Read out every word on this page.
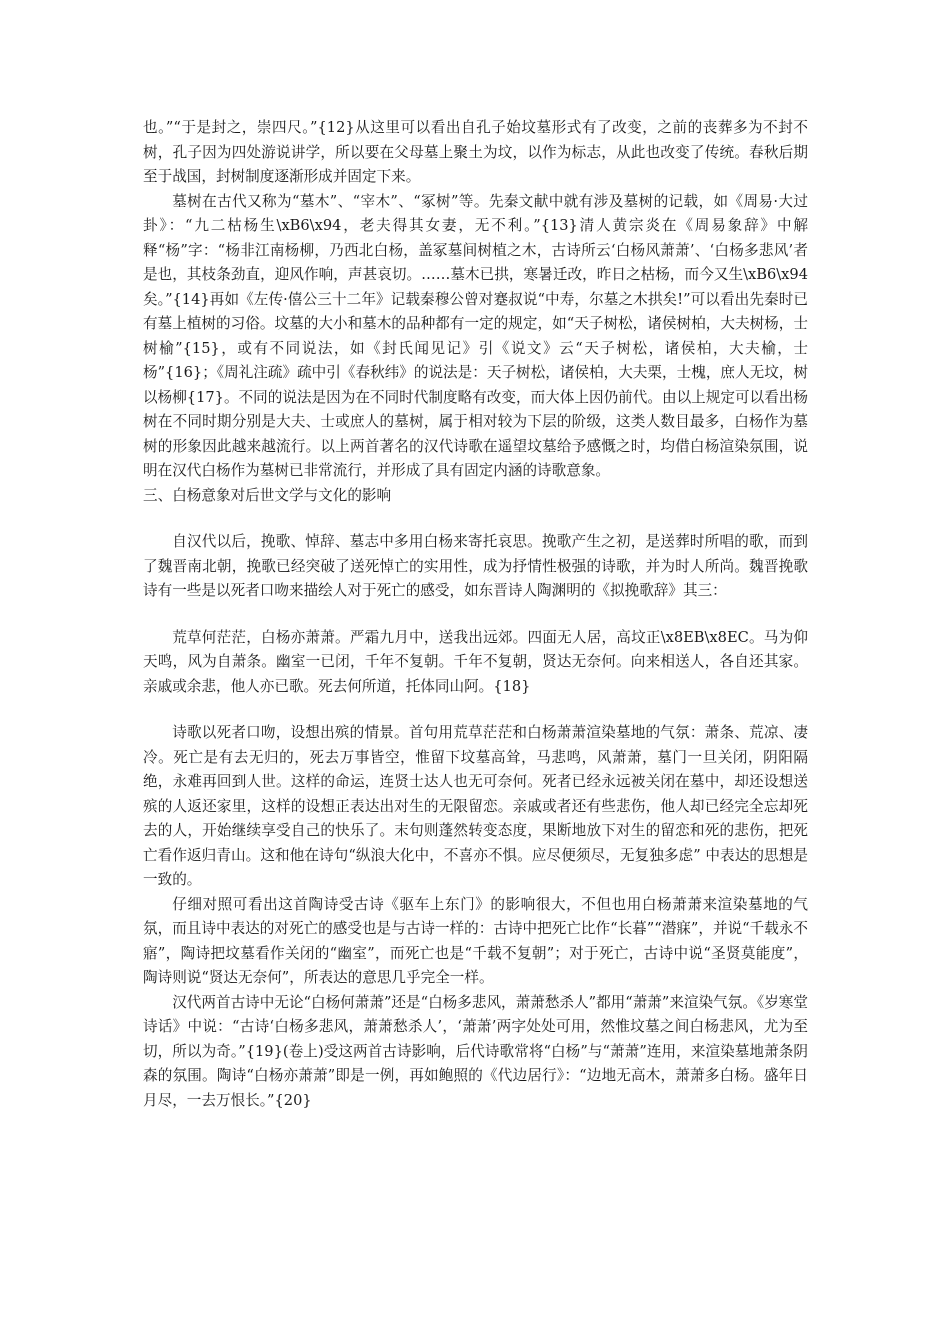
也。”“于是封之，崇四尺。”{12}从这里可以看出自孔子始坟墓形式有了改变，之前的丧葬多为不封不树，孔子因为四处游说讲学，所以要在父母墓上聚土为坟，以作为标志，从此也改变了传统。春秋后期至于战国，封树制度逐渐形成并固定下来。

墓树在古代又称为“墓木”、“宰木”、“冢树”等。先秦文献中就有涉及墓树的记载，如《周易·大过卦》：“九二枯杨生\xB6\x94，老夫得其女妻，无不利。”{13}清人黄宗炎在《周易象辞》中解释“杨”字：“杨非江南杨柳，乃西北白杨，盖冢墓间树植之木，古诗所云‘白杨风萧萧’、‘白杨多悲风’者是也，其枝条劲直，迎风作响，声甚哀切。……墓木已拱，寒暑迁改，昨日之枯杨，而今又生\xB6\x94矣。”{14}再如《左传·僖公三十二年》记载秦穆公曾对蹇叔说“中寿，尔墓之木拱矣!”可以看出先秦时已有墓上植树的习俗。坟墓的大小和墓木的品种都有一定的规定，如“天子树松，诸侯树柏，大夫树杨，士树榆”{15}，或有不同说法，如《封氏闻见记》引《说文》云“天子树松，诸侯柏，大夫榆，士杨”{16}；《周礼注疏》疏中引《春秋纬》的说法是：天子树松，诸侯柏，大夫栗，士槐，庶人无坟，树以杨柳{17}。不同的说法是因为在不同时代制度略有改变，而大体上因仍前代。由以上规定可以看出杨树在不同时期分别是大夫、士或庶人的墓树，属于相对较为下层的阶级，这类人数目最多，白杨作为墓树的形象因此越来越流行。以上两首著名的汉代诗歌在遥望坟墓给予感慨之时，均借白杨渲染氛围，说明在汉代白杨作为墓树已非常流行，并形成了具有固定内涵的诗歌意象。

三、白杨意象对后世文学与文化的影响

自汉代以后，挽歌、悼辞、墓志中多用白杨来寄托哀思。挽歌产生之初，是送葬时所唱的歌，而到了魏晋南北朝，挽歌已经突破了送死悼亡的实用性，成为抒情性极强的诗歌，并为时人所尚。魏晋挽歌诗有一些是以死者口吻来描绘人对于死亡的感受，如东晋诗人陶渊明的《拟挽歌辞》其三：

荒草何茫茫，白杨亦萧萧。严霜九月中，送我出远郊。四面无人居，高坟正\x8EB\x8EC。马为仰天鸣，风为自萧条。幽室一已闭，千年不复朝。千年不复朝，贤达无奈何。向来相送人，各自还其家。亲戚或余悲，他人亦已歌。死去何所道，托体同山阿。{18}

诗歌以死者口吻，设想出殡的情景。首句用荒草茫茫和白杨萧萧渲染墓地的气氛：萧条、荒凉、凄冷。死亡是有去无归的，死去万事皆空，惟留下坟墓高耸，马悲鸣，风萧萧，墓门一旦关闭，阴阳隔绝，永难再回到人世。这样的命运，连贤士达人也无可奈何。死者已经永远被关闭在墓中，却还设想送殡的人返还家里，这样的设想正表达出对生的无限留恋。亲戚或者还有些悲伤，他人却已经完全忘却死去的人，开始继续享受自己的快乐了。末句则蓬然转变态度，果断地放下对生的留恋和死的悲伤，把死亡看作返归青山。这和他在诗句“纵浪大化中，不喜亦不惧。应尽便须尽，无复独多虑” 中表达的思想是一致的。

仔细对照可看出这首陶诗受古诗《驱车上东门》的影响很大，不但也用白杨萧萧来渲染墓地的气氛，而且诗中表达的对死亡的感受也是与古诗一样的：古诗中把死亡比作“长暮”“潜寐”，并说“千载永不寤”，陶诗把坟墓看作关闭的“幽室”，而死亡也是“千载不复朝”；对于死亡，古诗中说“圣贤莫能度”，陶诗则说“贤达无奈何”，所表达的意思几乎完全一样。

汉代两首古诗中无论“白杨何萧萧”还是“白杨多悲风，萧萧愁杀人”都用“萧萧”来渲染气氛。《岁寒堂诗话》中说：“古诗‘白杨多悲风，萧萧愁杀人’，‘萧萧’两字处处可用，然惟坟墓之间白杨悲风，尤为至切，所以为奇。”{19}(卷上)受这两首古诗影响，后代诗歌常将“白杨”与“萧萧”连用，来渲染墓地萧条阴森的氛围。陶诗“白杨亦萧萧”即是一例，再如鲍照的《代边居行》：“边地无高木，萧萧多白杨。盛年日月尽，一去万恨长。”{20}
